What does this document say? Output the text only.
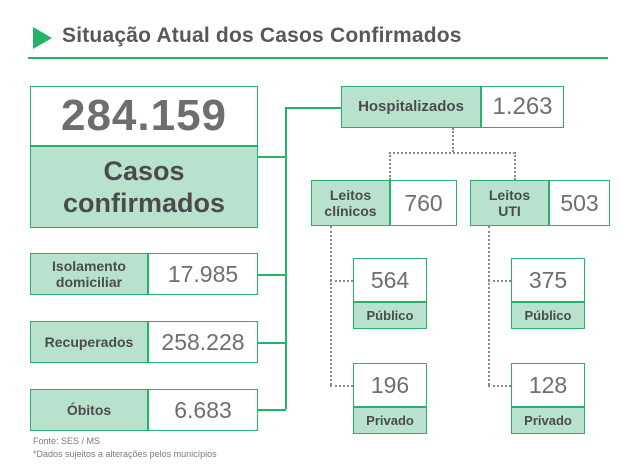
Situação Atual dos Casos Confirmados
284.159
Casos
confirmados
Isolamento
domiciliar	17.985
Recuperados 258.228
Óbitos	6.683
Hospitalizados 1.263
Leitos
clínicos 760
564
Público
196
Privado
Leitos
UTI	503
375
Público
128
Privado
Fonte: SES / MS
*Dados sujeitos a alterações pelos municípios
